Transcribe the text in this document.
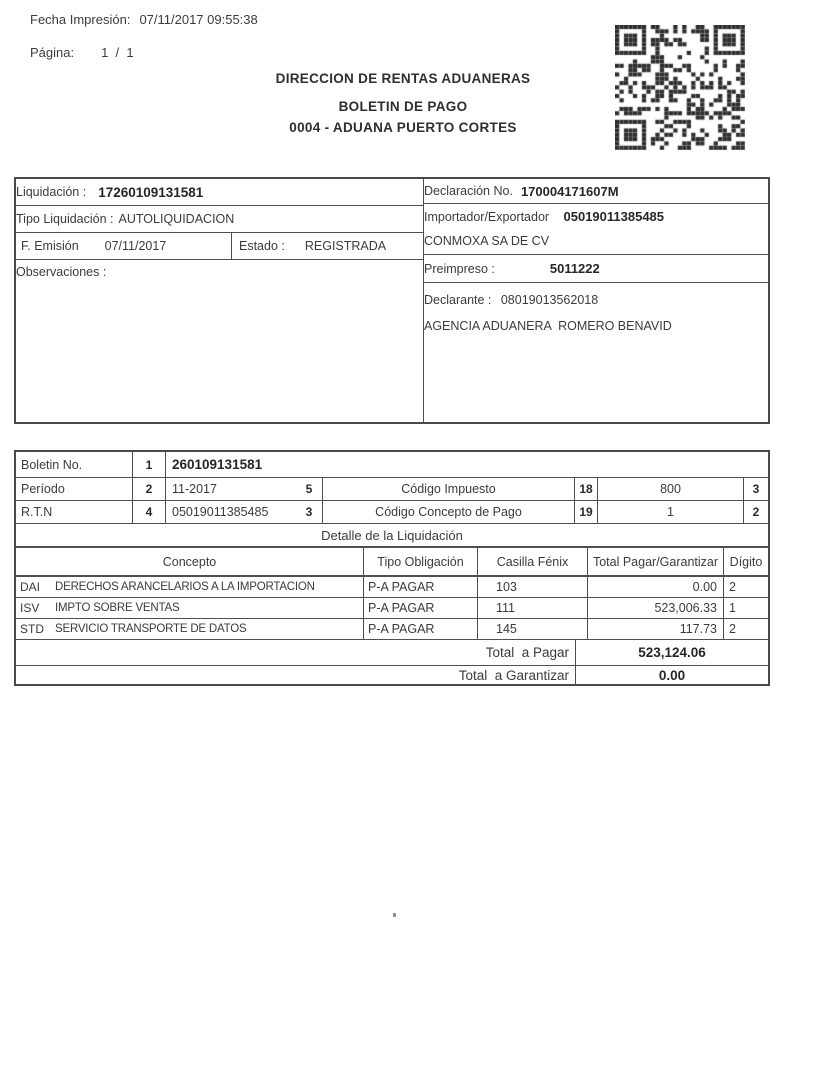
Fecha Impresión: 07/11/2017 09:55:38
Página: 1  /  1
DIRECCION DE RENTAS ADUANERAS
BOLETIN DE PAGO
0004 - ADUANA PUERTO CORTES
Liquidación : 17260109131581
Tipo Liquidación : AUTOLIQUIDACION
F. Emisión 07/11/2017	Estado : REGISTRADA
Observaciones :
Declaración No. 170004171607M
Importador/Exportador 05019011385485
CONMOXA SA DE CV
Preimpreso :	5011222
Declarante : 08019013562018
AGENCIA ADUANERA  ROMERO BENAVID
Boletin No.	1	260109131581
Período	2	11-2017	5	Código Impuesto	18	800	3
R.T.N	4	05019011385485	3	Código Concepto de Pago	19	1	2
Detalle de la Liquidación
Concepto	Tipo Obligación	Casilla Fénix	Total Pagar/Garantizar Dígito
DAI	DERECHOS ARANCELARIOS A LA IMPORTACION	P-A PAGAR	103	0.00 2
ISV	IMPTO SOBRE VENTAS	P-A PAGAR	111	523,006.33 1
STD SERVICIO TRANSPORTE DE DATOS	P-A PAGAR	145	117.73 2
Total  a Pagar	523,124.06
Total  a Garantizar	0.00
